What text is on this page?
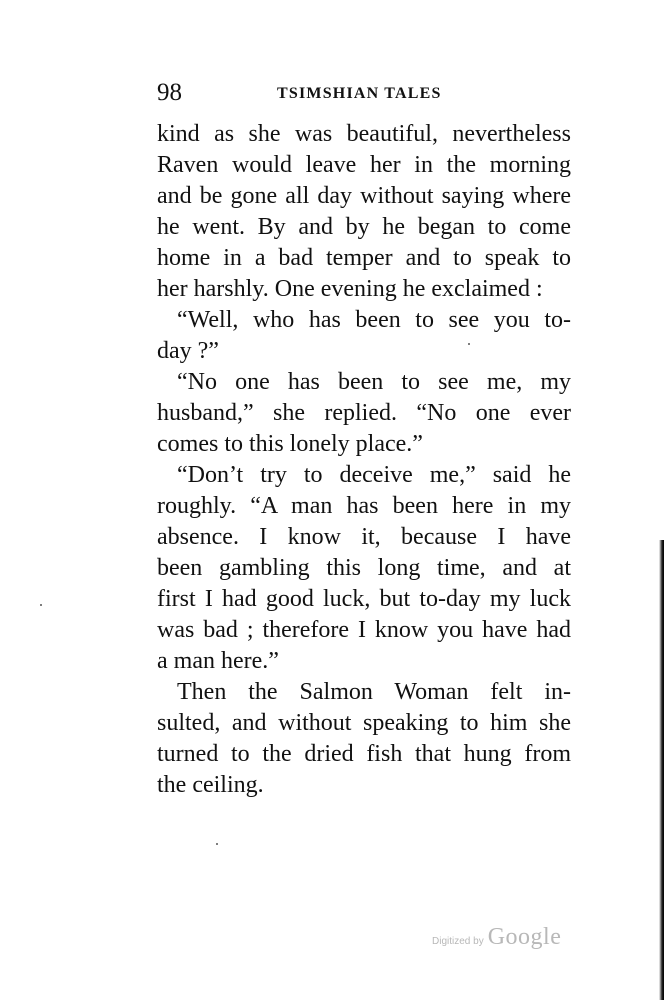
98	TSIMSHIAN TALES
kind as she was beautiful, nevertheless
Raven would leave her in the morning
and be gone all day without saying where
he went. By and by he began to come
home in a bad temper and to speak to
her harshly. One evening he exclaimed :
“Well, who has been to see you to-
day ?”
“No one has been to see me, my
husband,” she replied. “No one ever
comes to this lonely place.”
“Don’t try to deceive me,” said he
roughly. “A man has been here in my
absence. I know it, because I have
been gambling this long time, and at
first I had good luck, but to-day my luck
was bad ; therefore I know you have had
a man here.”
Then the Salmon Woman felt in-
sulted, and without speaking to him she
turned to the dried fish that hung from
the ceiling.
Digitized by Google
